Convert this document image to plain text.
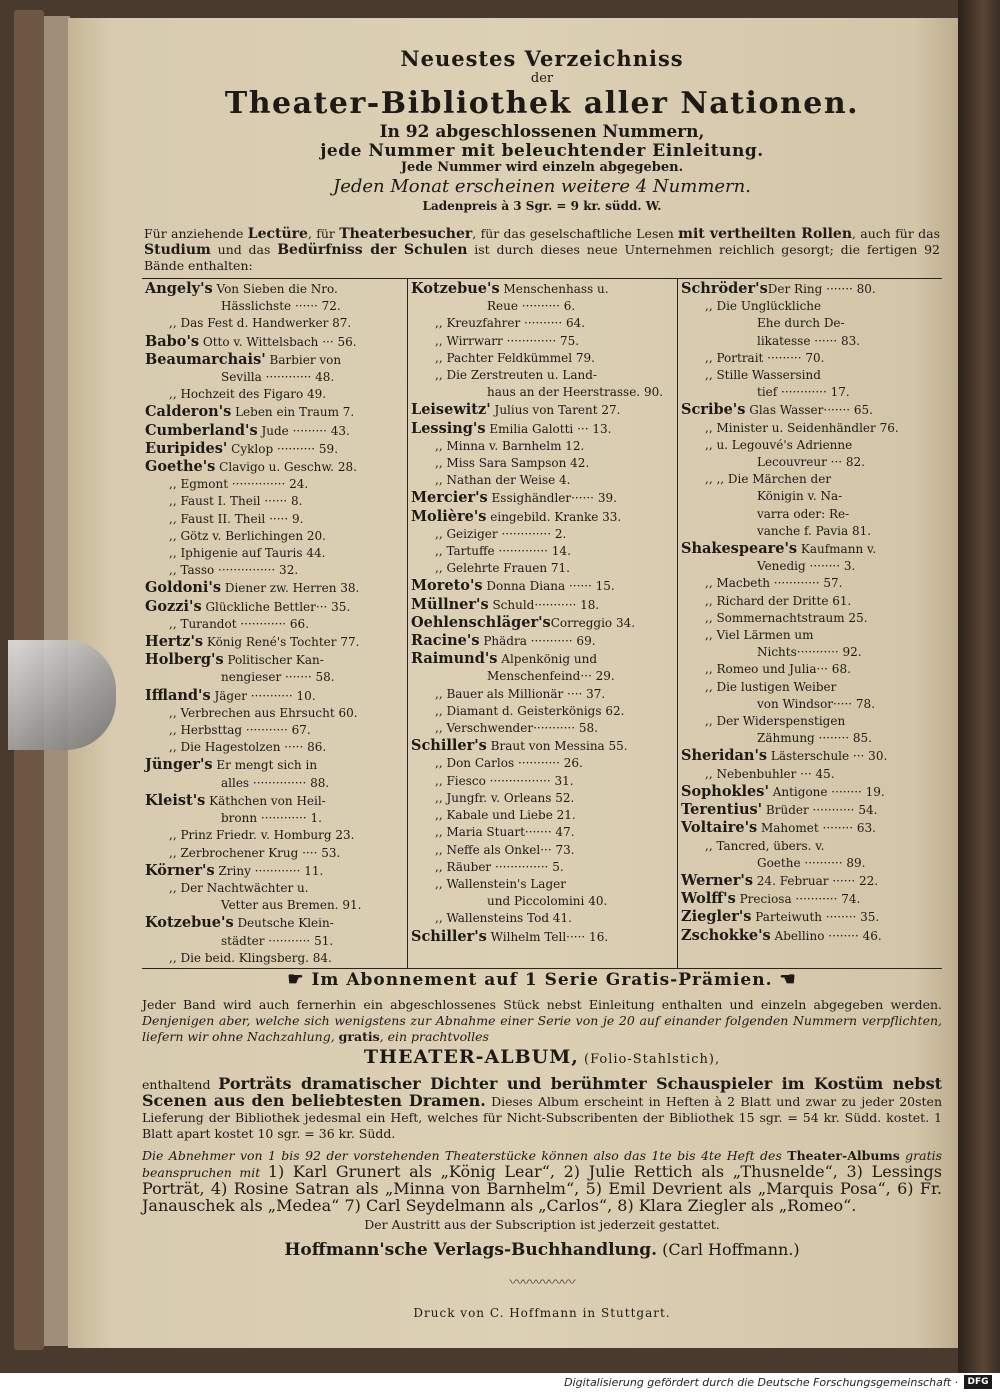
Neuestes Verzeichniss
der
Theater-Bibliothek aller Nationen.
In 92 abgeschlossenen Nummern,
jede Nummer mit beleuchtender Einleitung.
Jede Nummer wird einzeln abgegeben.
Jeden Monat erscheinen weitere 4 Nummern.
Ladenpreis à 3 Sgr. = 9 kr. südd. W.
Für anziehende Lectüre, für Theaterbesucher, für das geselschaftliche Lesen mit vertheilten Rollen, auch für das Studium und das Bedürfniss der Schulen ist durch dieses neue Unternehmen reichlich gesorgt; die fertigen 92 Bände enthalten:
Angely's Von Sieben die Nro.
Hässlichste ······ 72.
,, Das Fest d. Handwerker 87.
Babo's Otto v. Wittelsbach ··· 56.
Beaumarchais' Barbier von
Sevilla ············ 48.
,, Hochzeit des Figaro 49.
Calderon's Leben ein Traum 7.
Cumberland's Jude ········· 43.
Euripides' Cyklop ·········· 59.
Goethe's Clavigo u. Geschw. 28.
,, Egmont ·············· 24.
,, Faust I. Theil ······ 8.
,, Faust II. Theil ····· 9.
,, Götz v. Berlichingen 20.
,, Iphigenie auf Tauris 44.
,, Tasso ··············· 32.
Goldoni's Diener zw. Herren 38.
Gozzi's Glückliche Bettler··· 35.
,, Turandot ············ 66.
Hertz's König René's Tochter 77.
Holberg's Politischer Kan-
nengieser ······· 58.
Iffland's Jäger ··········· 10.
,, Verbrechen aus Ehrsucht 60.
,, Herbsttag ··········· 67.
,, Die Hagestolzen ····· 86.
Jünger's Er mengt sich in
alles ·············· 88.
Kleist's Käthchen von Heil-
bronn ············ 1.
,, Prinz Friedr. v. Homburg 23.
,, Zerbrochener Krug ···· 53.
Körner's Zriny ············ 11.
,, Der Nachtwächter u.
Vetter aus Bremen. 91.
Kotzebue's Deutsche Klein-
städter ··········· 51.
,, Die beid. Klingsberg. 84.
Kotzebue's Menschenhass u.
Reue ·········· 6.
,, Kreuzfahrer ·········· 64.
,, Wirrwarr ············· 75.
,, Pachter Feldkümmel 79.
,, Die Zerstreuten u. Land-
haus an der Heerstrasse. 90.
Leisewitz' Julius von Tarent 27.
Lessing's Emilia Galotti ··· 13.
,, Minna v. Barnhelm 12.
,, Miss Sara Sampson 42.
,, Nathan der Weise 4.
Mercier's Essighändler······ 39.
Molière's eingebild. Kranke 33.
,, Geiziger ············· 2.
,, Tartuffe ············· 14.
,, Gelehrte Frauen 71.
Moreto's Donna Diana ······ 15.
Müllner's Schuld··········· 18.
Oehlenschläger'sCorreggio 34.
Racine's Phädra ··········· 69.
Raimund's Alpenkönig und
Menschenfeind··· 29.
,, Bauer als Millionär ···· 37.
,, Diamant d. Geisterkönigs 62.
,, Verschwender··········· 58.
Schiller's Braut von Messina 55.
,, Don Carlos ··········· 26.
,, Fiesco ················ 31.
,, Jungfr. v. Orleans 52.
,, Kabale und Liebe 21.
,, Maria Stuart······· 47.
,, Neffe als Onkel··· 73.
,, Räuber ·············· 5.
,, Wallenstein's Lager
und Piccolomini 40.
,, Wallensteins Tod 41.
Schiller's Wilhelm Tell····· 16.
Schröder'sDer Ring ······· 80.
,, Die Unglückliche
Ehe durch De-
likatesse ······ 83.
,, Portrait ········· 70.
,, Stille Wassersind
tief ············ 17.
Scribe's Glas Wasser······· 65.
,, Minister u. Seidenhändler 76.
,, u. Legouvé's Adrienne
Lecouvreur ··· 82.
,, ,, Die Märchen der
Königin v. Na-
varra oder: Re-
vanche f. Pavia 81.
Shakespeare's Kaufmann v.
Venedig ········ 3.
,, Macbeth ············ 57.
,, Richard der Dritte 61.
,, Sommernachtstraum 25.
,, Viel Lärmen um
Nichts··········· 92.
,, Romeo und Julia··· 68.
,, Die lustigen Weiber
von Windsor····· 78.
,, Der Widerspenstigen
Zähmung ········ 85.
Sheridan's Lästerschule ··· 30.
,, Nebenbuhler ··· 45.
Sophokles' Antigone ········ 19.
Terentius' Brüder ··········· 54.
Voltaire's Mahomet ········ 63.
,, Tancred, übers. v.
Goethe ·········· 89.
Werner's 24. Februar ······ 22.
Wolff's Preciosa ··········· 74.
Ziegler's Parteiwuth ········ 35.
Zschokke's Abellino ········ 46.
☛ Im Abonnement auf 1 Serie Gratis-Prämien. ☚
Jeder Band wird auch fernerhin ein abgeschlossenes Stück nebst Einleitung enthalten und einzeln abgegeben werden. Denjenigen aber, welche sich wenigstens zur Abnahme einer Serie von je 20 auf einander folgenden Nummern verpflichten, liefern wir ohne Nachzahlung, gratis, ein prachtvolles
THEATER-ALBUM, (Folio-Stahlstich),
enthaltend Porträts dramatischer Dichter und berühmter Schauspieler im Kostüm nebst Scenen aus den beliebtesten Dramen. Dieses Album erscheint in Heften à 2 Blatt und zwar zu jeder 20sten Lieferung der Bibliothek jedesmal ein Heft, welches für Nicht-Subscribenten der Bibliothek 15 sgr. = 54 kr. Südd. kostet. 1 Blatt apart kostet 10 sgr. = 36 kr. Südd.
Die Abnehmer von 1 bis 92 der vorstehenden Theaterstücke können also das 1te bis 4te Heft des Theater-Albums gratis beanspruchen mit 1) Karl Grunert als „König Lear“, 2) Julie Rettich als „Thusnelde“, 3) Lessings Porträt, 4) Rosine Satran als „Minna von Barnhelm“, 5) Emil Devrient als „Marquis Posa“, 6) Fr. Janauschek als „Medea“ 7) Carl Seydelmann als „Carlos“, 8) Klara Ziegler als „Romeo“.
Der Austritt aus der Subscription ist jederzeit gestattet.
Hoffmann'sche Verlags-Buchhandlung. (Carl Hoffmann.)
〰〰〰〰〰
Druck von C. Hoffmann in Stuttgart.
Digitalisierung gefördert durch die Deutsche Forschungsgemeinschaft ·	DFG
